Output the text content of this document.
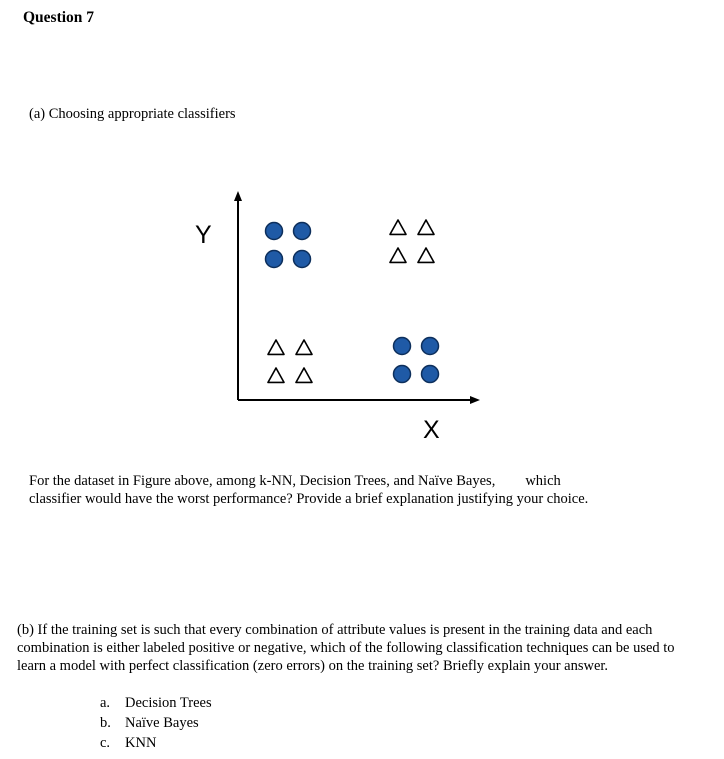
Question 7
(a) Choosing appropriate classifiers
Y
X
For the dataset in Figure above, among k-NN, Decision Trees, and Naïve Bayes, which
classifier would have the worst performance? Provide a brief explanation justifying your choice.
(b) If the training set is such that every combination of attribute values is present in the training data and each combination is either labeled positive or negative, which of the following classification techniques can be used to learn a model with perfect classification (zero errors) on the training set? Briefly explain your answer.
a. Decision Trees
b. Naïve Bayes
c. KNN
